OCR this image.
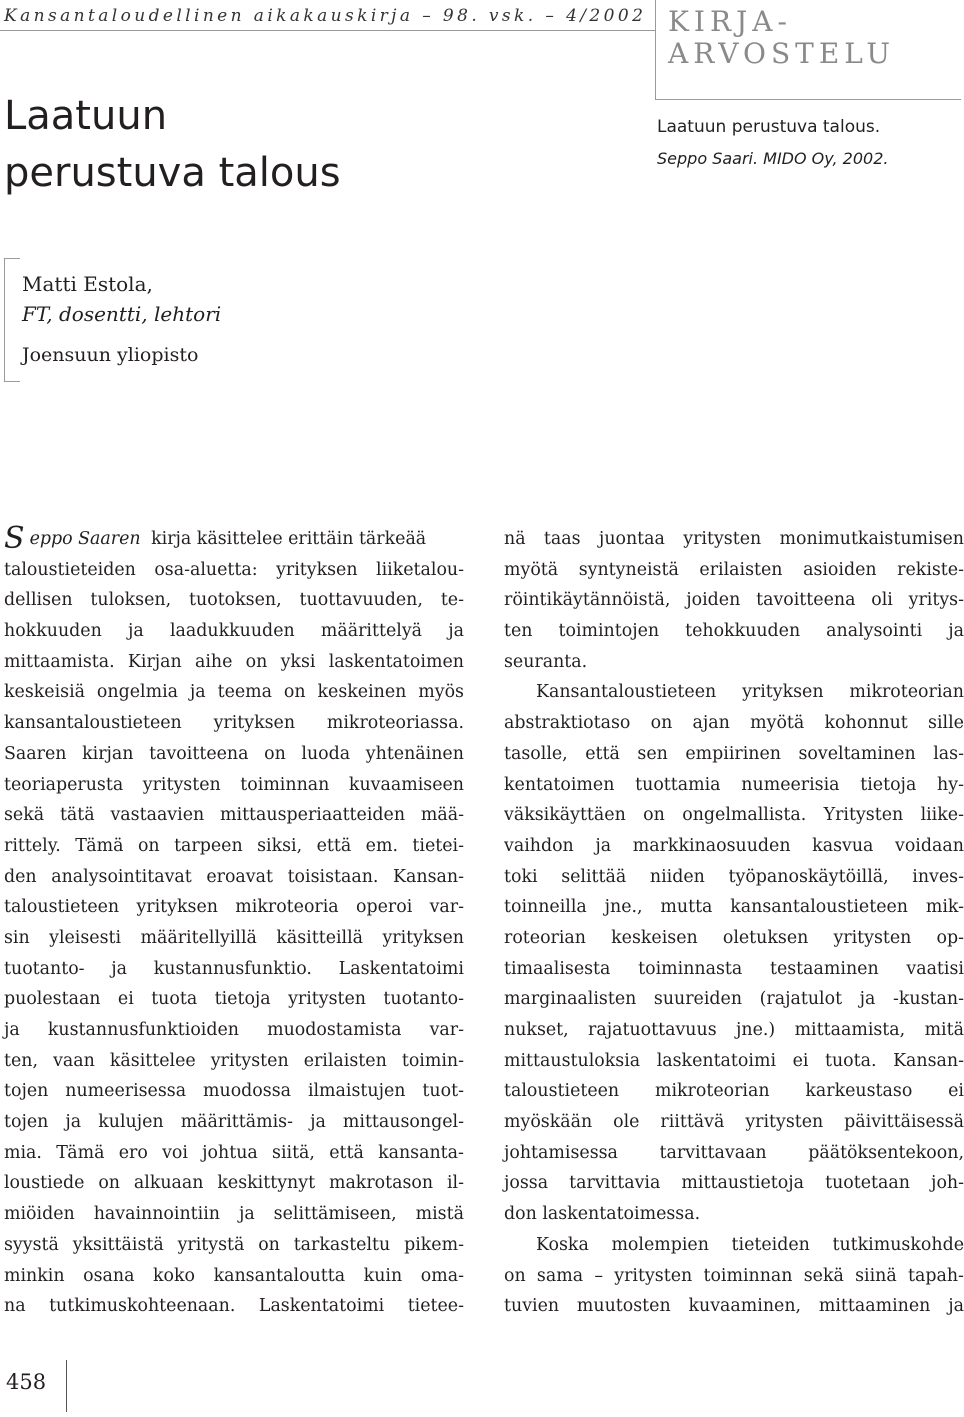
Kansantaloudellinen aikakauskirja – 98. vsk. – 4/2002 KIRJA-
ARVOSTELU
Laatuun perustuva talous.
Seppo Saari. MIDO Oy, 2002.
Laatuun
perustuva talous
Matti Estola,
FT, dosentti, lehtori
Joensuun yliopisto
S eppo Saaren kirja käsittelee erittäin tärkeää
taloustieteiden osa-aluetta: yrityksen liiketalou-
dellisen tuloksen, tuotoksen, tuottavuuden, te-
hokkuuden ja laadukkuuden määrittelyä ja
mittaamista. Kirjan aihe on yksi laskentatoimen
keskeisiä ongelmia ja teema on keskeinen myös
kansantaloustieteen yrityksen mikroteoriassa.
Saaren kirjan tavoitteena on luoda yhtenäinen
teoriaperusta yritysten toiminnan kuvaamiseen
sekä tätä vastaavien mittausperiaatteiden mää-
rittely. Tämä on tarpeen siksi, että em. tietei-
den analysointitavat eroavat toisistaan. Kansan-
taloustieteen yrityksen mikroteoria operoi var-
sin yleisesti määritellyillä käsitteillä yrityksen
tuotanto- ja kustannusfunktio. Laskentatoimi
puolestaan ei tuota tietoja yritysten tuotanto-
ja kustannusfunktioiden muodostamista var-
ten, vaan käsittelee yritysten erilaisten toimin-
tojen numeerisessa muodossa ilmaistujen tuot-
tojen ja kulujen määrittämis- ja mittausongel-
mia. Tämä ero voi johtua siitä, että kansanta-
loustiede on alkuaan keskittynyt makrotason il-
miöiden havainnointiin ja selittämiseen, mistä
syystä yksittäistä yritystä on tarkasteltu pikem-
minkin osana koko kansantaloutta kuin oma-
na tutkimuskohteenaan. Laskentatoimi tietee-
nä taas juontaa yritysten monimutkaistumisen
myötä syntyneistä erilaisten asioiden rekiste-
röintikäytännöistä, joiden tavoitteena oli yritys-
ten toimintojen tehokkuuden analysointi ja
seuranta.
Kansantaloustieteen yrityksen mikroteorian
abstraktiotaso on ajan myötä kohonnut sille
tasolle, että sen empiirinen soveltaminen las-
kentatoimen tuottamia numeerisia tietoja hy-
väksikäyttäen on ongelmallista. Yritysten liike-
vaihdon ja markkinaosuuden kasvua voidaan
toki selittää niiden työpanoskäytöillä, inves-
toinneilla jne., mutta kansantaloustieteen mik-
roteorian keskeisen oletuksen yritysten op-
timaalisesta toiminnasta testaaminen vaatisi
marginaalisten suureiden (rajatulot ja -kustan-
nukset, rajatuottavuus jne.) mittaamista, mitä
mittaustuloksia laskentatoimi ei tuota. Kansan-
taloustieteen mikroteorian karkeustaso ei
myöskään ole riittävä yritysten päivittäisessä
johtamisessa tarvittavaan päätöksentekoon,
jossa tarvittavia mittaustietoja tuotetaan joh-
don laskentatoimessa.
Koska molempien tieteiden tutkimuskohde
on sama – yritysten toiminnan sekä siinä tapah-
tuvien muutosten kuvaaminen, mittaaminen ja
458
